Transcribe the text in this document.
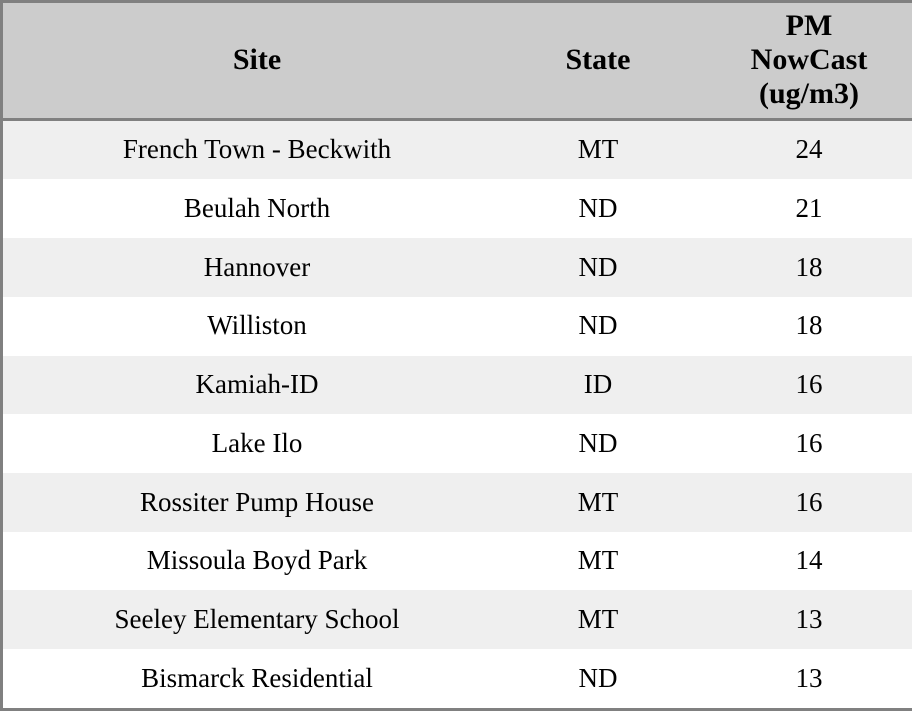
Site	State	PM
NowCast
(ug/m3)

French Town - Beckwith	MT	24
Beulah North	ND	21
Hannover	ND	18
Williston	ND	18
Kamiah-ID	ID	16
Lake Ilo	ND	16
Rossiter Pump House	MT	16
Missoula Boyd Park	MT	14
Seeley Elementary School	MT	13
Bismarck Residential	ND	13
